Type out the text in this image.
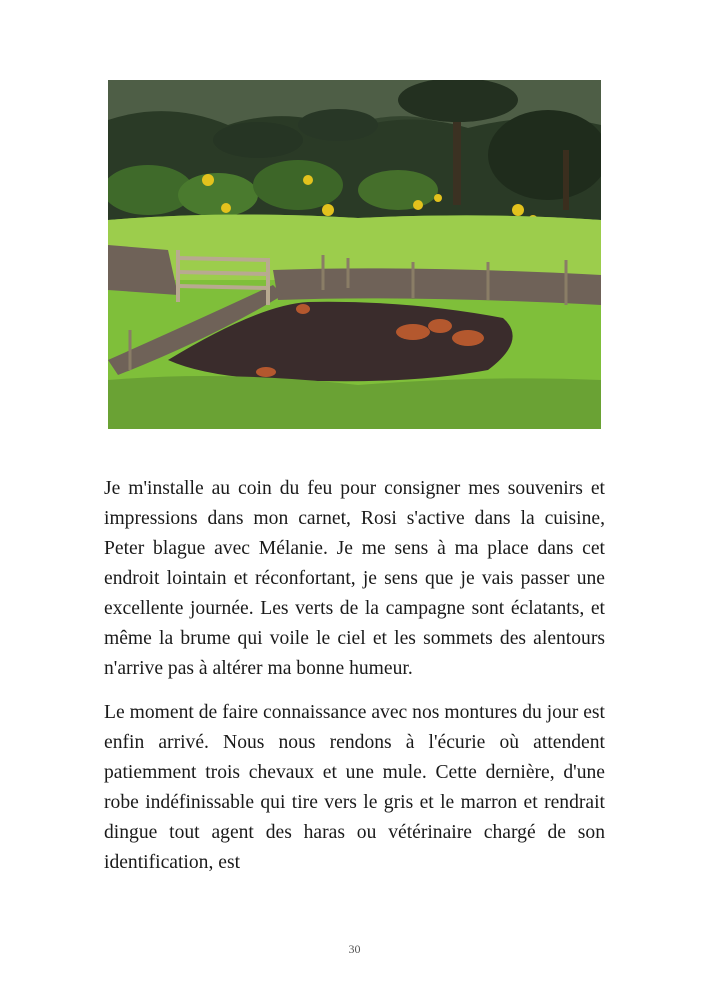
Je m'installe au coin du feu pour consigner mes souvenirs et impressions dans mon carnet, Rosi s'active dans la cuisine, Peter blague avec Mélanie. Je me sens à ma place dans cet endroit lointain et réconfortant, je sens que je vais passer une excellente journée. Les verts de la campagne sont éclatants, et même la brume qui voile le ciel et les sommets des alentours n'arrive pas à altérer ma bonne humeur.

Le moment de faire connaissance avec nos montures du jour est enfin arrivé. Nous nous rendons à l'écurie où attendent patiemment trois chevaux et une mule. Cette dernière, d'une robe indéfinissable qui tire vers le gris et le marron et rendrait dingue tout agent des haras ou vétérinaire chargé de son identification, est

30
